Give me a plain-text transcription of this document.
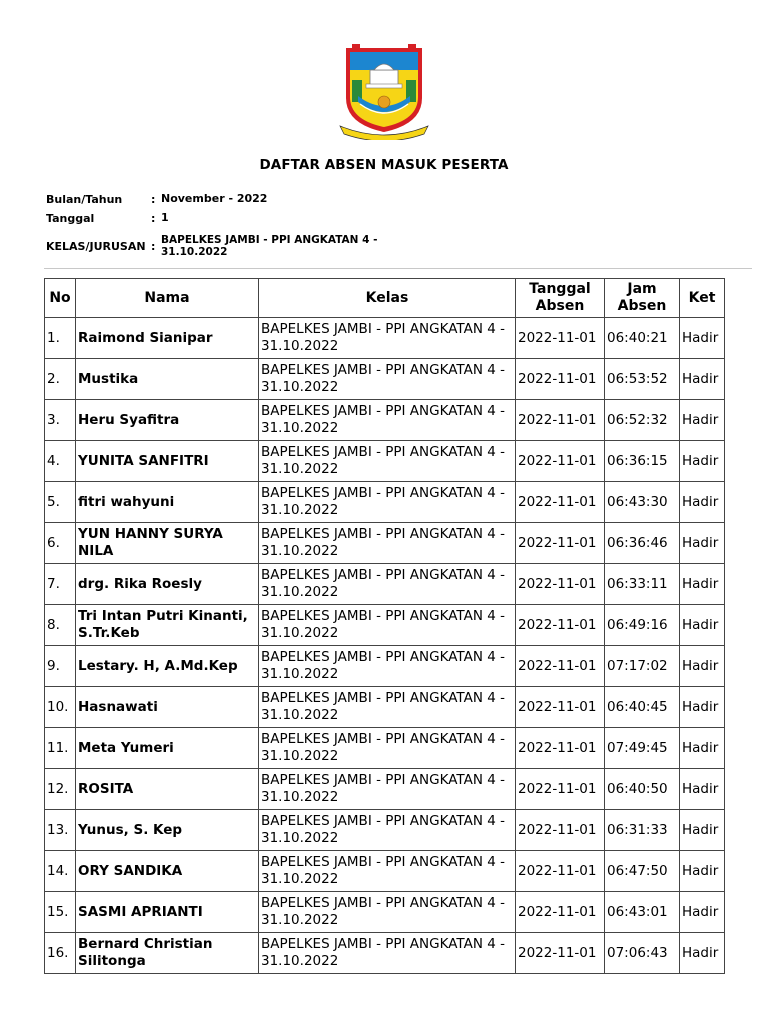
DAFTAR ABSEN MASUK PESERTA
Bulan/Tahun	: November - 2022
Tanggal	: 1
KELAS/JURUSAN : BAPELKES JAMBI - PPI ANGKATAN 4 - 31.10.2022
No	Nama	Kelas	Tanggal Absen	Jam Absen	Ket
1.	Raimond Sianipar	BAPELKES JAMBI - PPI ANGKATAN 4 - 31.10.2022	2022-11-01	06:40:21	Hadir
2.	Mustika	BAPELKES JAMBI - PPI ANGKATAN 4 - 31.10.2022	2022-11-01	06:53:52	Hadir
3.	Heru Syafitra	BAPELKES JAMBI - PPI ANGKATAN 4 - 31.10.2022	2022-11-01	06:52:32	Hadir
4.	YUNITA SANFITRI	BAPELKES JAMBI - PPI ANGKATAN 4 - 31.10.2022	2022-11-01	06:36:15	Hadir
5.	fitri wahyuni	BAPELKES JAMBI - PPI ANGKATAN 4 - 31.10.2022	2022-11-01	06:43:30	Hadir
6.	YUN HANNY SURYA NILA	BAPELKES JAMBI - PPI ANGKATAN 4 - 31.10.2022	2022-11-01	06:36:46	Hadir
7.	drg. Rika Roesly	BAPELKES JAMBI - PPI ANGKATAN 4 - 31.10.2022	2022-11-01	06:33:11	Hadir
8.	Tri Intan Putri Kinanti, S.Tr.Keb	BAPELKES JAMBI - PPI ANGKATAN 4 - 31.10.2022	2022-11-01	06:49:16	Hadir
9.	Lestary. H, A.Md.Kep	BAPELKES JAMBI - PPI ANGKATAN 4 - 31.10.2022	2022-11-01	07:17:02	Hadir
10.	Hasnawati	BAPELKES JAMBI - PPI ANGKATAN 4 - 31.10.2022	2022-11-01	06:40:45	Hadir
11.	Meta Yumeri	BAPELKES JAMBI - PPI ANGKATAN 4 - 31.10.2022	2022-11-01	07:49:45	Hadir
12.	ROSITA	BAPELKES JAMBI - PPI ANGKATAN 4 - 31.10.2022	2022-11-01	06:40:50	Hadir
13.	Yunus, S. Kep	BAPELKES JAMBI - PPI ANGKATAN 4 - 31.10.2022	2022-11-01	06:31:33	Hadir
14.	ORY SANDIKA	BAPELKES JAMBI - PPI ANGKATAN 4 - 31.10.2022	2022-11-01	06:47:50	Hadir
15.	SASMI APRIANTI	BAPELKES JAMBI - PPI ANGKATAN 4 - 31.10.2022	2022-11-01	06:43:01	Hadir
16.	Bernard Christian Silitonga	BAPELKES JAMBI - PPI ANGKATAN 4 - 31.10.2022	2022-11-01	07:06:43	Hadir
